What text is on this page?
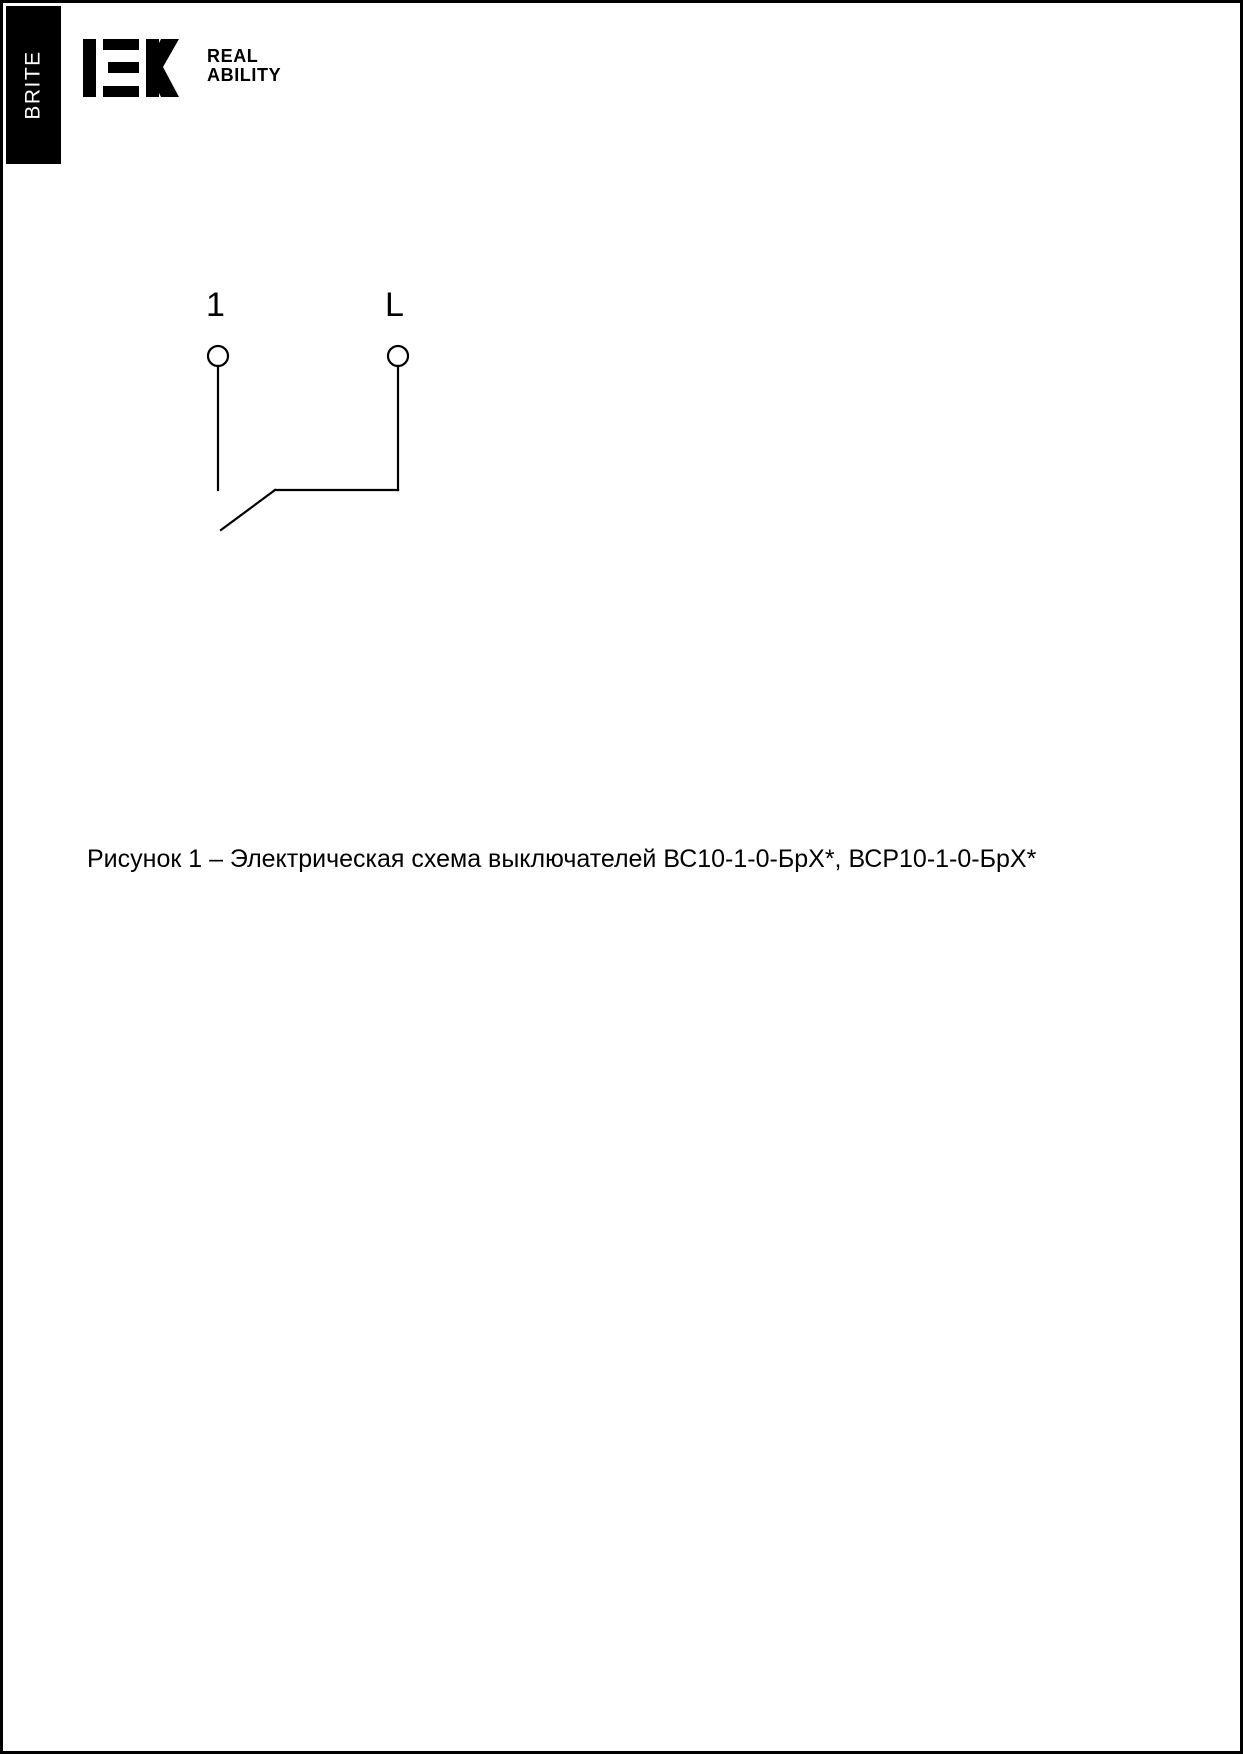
BRITE	REAL
ABILITY
1	L
Рисунок 1 – Электрическая схема выключателей ВС10-1-0-БрХ*, ВСР10-1-0-БрХ*
